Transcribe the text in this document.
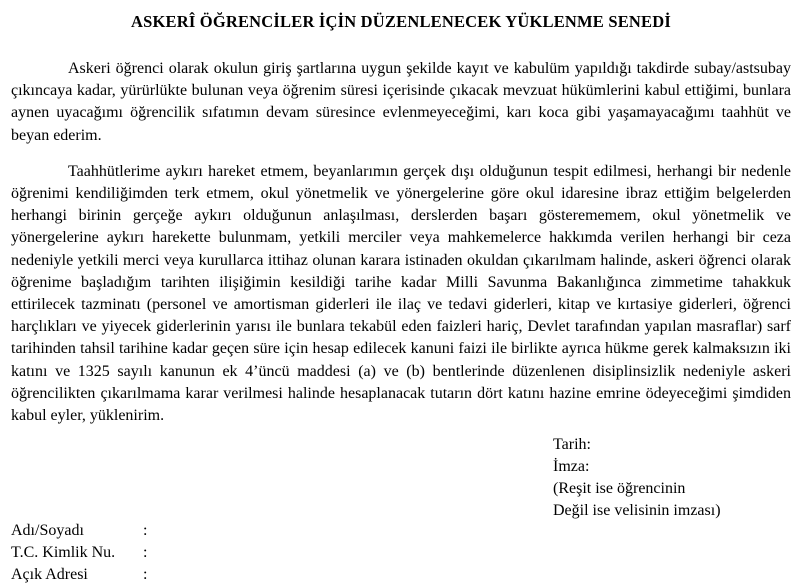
ASKERÎ ÖĞRENCİLER İÇİN DÜZENLENECEK YÜKLENME SENEDİ

Askeri öğrenci olarak okulun giriş şartlarına uygun şekilde kayıt ve kabulüm yapıldığı takdirde subay/astsubay çıkıncaya kadar, yürürlükte bulunan veya öğrenim süresi içerisinde çıkacak mevzuat hükümlerini kabul ettiğimi, bunlara aynen uyacağımı öğrencilik sıfatımın devam süresince evlenmeyeceğimi, karı koca gibi yaşamayacağımı taahhüt ve beyan ederim.

Taahhütlerime aykırı hareket etmem, beyanlarımın gerçek dışı olduğunun tespit edilmesi, herhangi bir nedenle öğrenimi kendiliğimden terk etmem, okul yönetmelik ve yönergelerine göre okul idaresine ibraz ettiğim belgelerden herhangi birinin gerçeğe aykırı olduğunun anlaşılması, derslerden başarı gösterememem, okul yönetmelik ve yönergelerine aykırı harekette bulunmam, yetkili merciler veya mahkemelerce hakkımda verilen herhangi bir ceza nedeniyle yetkili merci veya kurullarca ittihaz olunan karara istinaden okuldan çıkarılmam halinde, askeri öğrenci olarak öğrenime başladığım tarihten ilişiğimin kesildiği tarihe kadar Milli Savunma Bakanlığınca zimmetime tahakkuk ettirilecek tazminatı (personel ve amortisman giderleri ile ilaç ve tedavi giderleri, kitap ve kırtasiye giderleri, öğrenci harçlıkları ve yiyecek giderlerinin yarısı ile bunlara tekabül eden faizleri hariç, Devlet tarafından yapılan masraflar) sarf tarihinden tahsil tarihine kadar geçen süre için hesap edilecek kanuni faizi ile birlikte ayrıca hükme gerek kalmaksızın iki katını ve 1325 sayılı kanunun ek 4’üncü maddesi (a) ve (b) bentlerinde düzenlenen disiplinsizlik nedeniyle askeri öğrencilikten çıkarılmama karar verilmesi halinde hesaplanacak tutarın dört katını hazine emrine ödeyeceğimi şimdiden kabul eyler, yüklenirim.

Tarih:
İmza:
(Reşit ise öğrencinin
Değil ise velisinin imzası)
Adı/Soyadı	:
T.C. Kimlik Nu.	:
Açık Adresi	:
